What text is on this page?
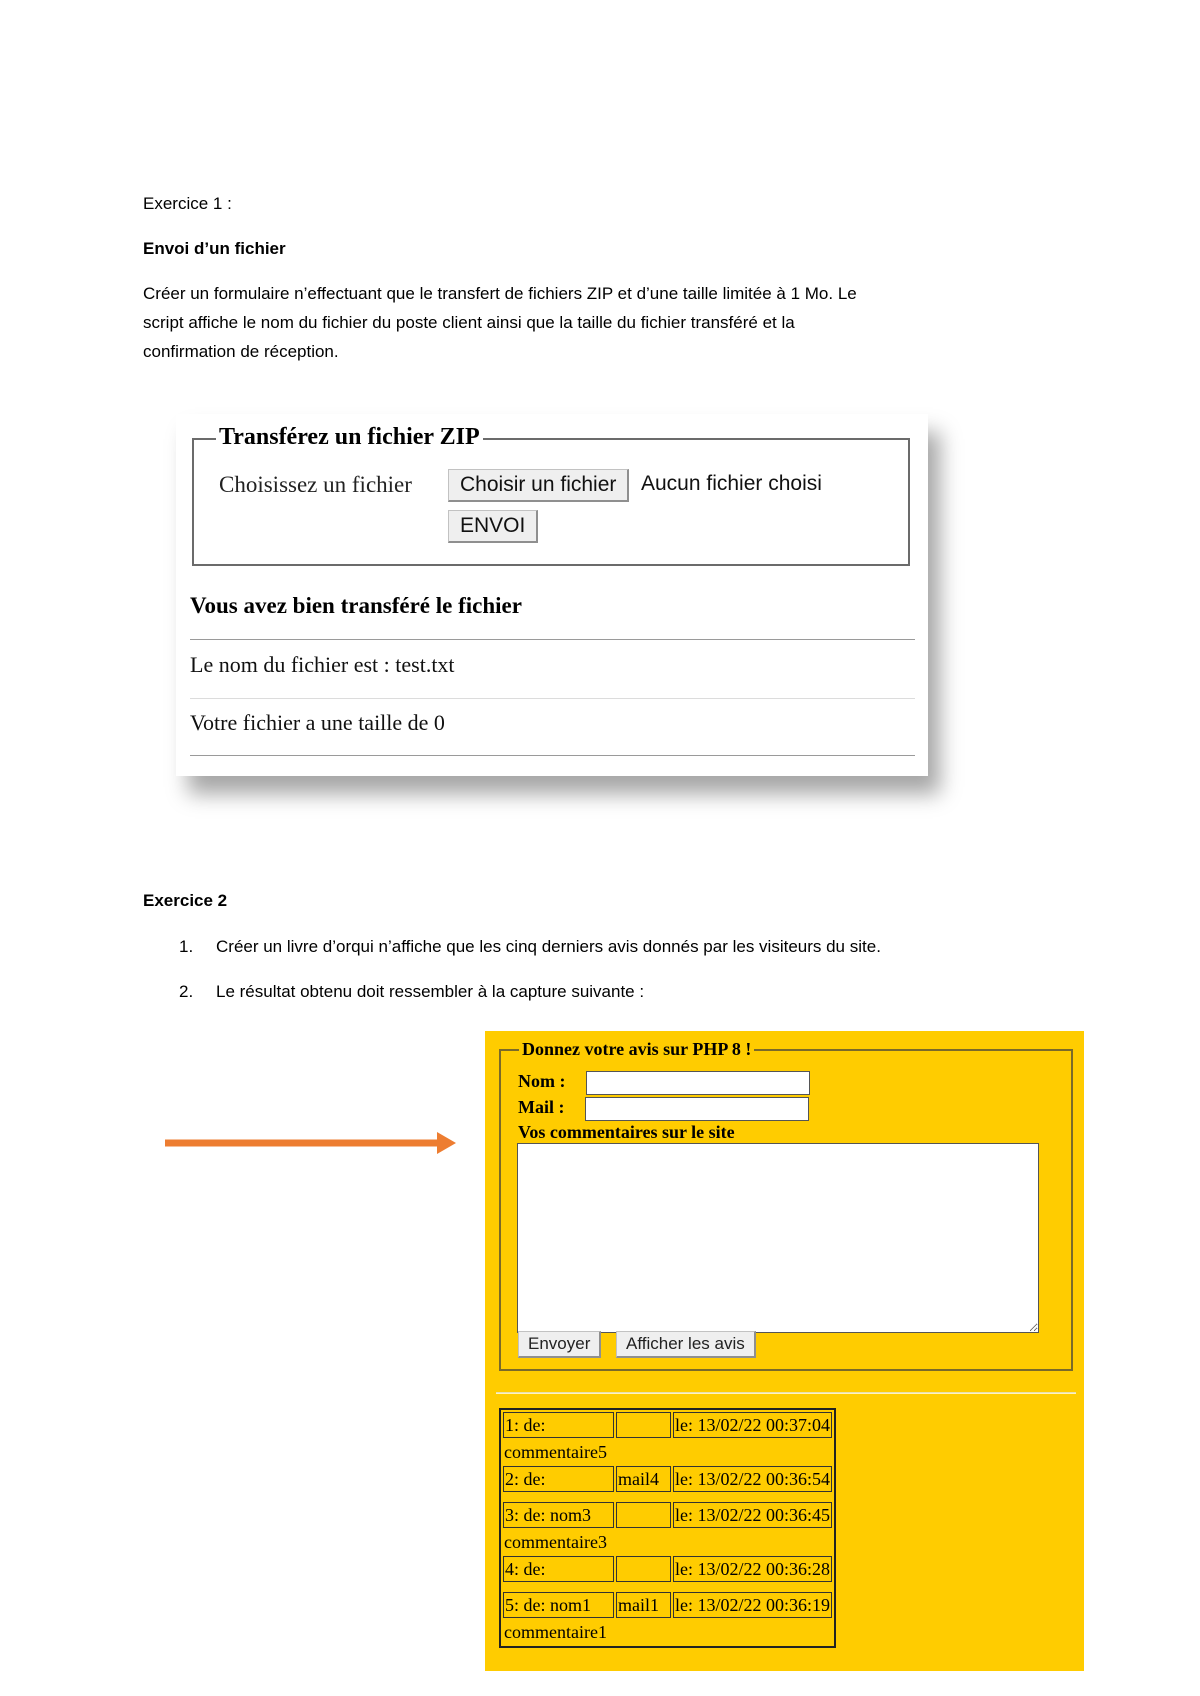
Exercice 1 :
Envoi d’un fichier
Créer un formulaire n’effectuant que le transfert de fichiers ZIP et d’une taille limitée à 1 Mo. Le
script affiche le nom du fichier du poste client ainsi que la taille du fichier transféré et la
confirmation de réception.
Transférez un fichier ZIP
Choisissez un fichier	Choisir un fichier	Aucun fichier choisi
ENVOI
Vous avez bien transféré le fichier
Le nom du fichier est : test.txt
Votre fichier a une taille de 0
Exercice 2
1. Créer un livre d’orqui n’affiche que les cinq derniers avis donnés par les visiteurs du site.
2. Le résultat obtenu doit ressembler à la capture suivante :
Donnez votre avis sur PHP 8 !
Nom :
Mail :
Vos commentaires sur le site
Envoyer	Afficher les avis
1: de:		le: 13/02/22 00:37:04
commentaire5		
2: de:	mail4	le: 13/02/22 00:36:54

3: de: nom3		le: 13/02/22 00:36:45
commentaire3		
4: de:		le: 13/02/22 00:36:28

5: de: nom1	mail1	le: 13/02/22 00:36:19
commentaire1		
